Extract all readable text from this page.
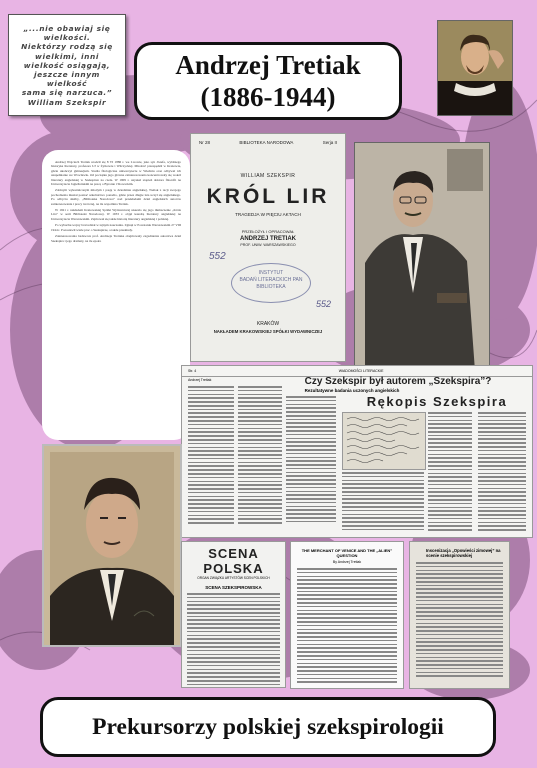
„...nie obawiaj się
wielkości.
Niektórzy rodzą się
wielkimi, inni
wielkość osiągają,
jeszcze innym
wielkość
sama się narzuca.”
William Szekspir
Andrzej Tretiak
(1886-1944)

Andrzej Wojciech Tretiak urodził się 8 VI 1886 r. we Lwowie, jako syn Józefa, wybitnego historyka literatury, profesora UJ w Żytkowie i Wilczyckiej. Młodość przespędził w Krakowie, gdzie ukończył gimnazjum. Studia filologiczne uniwersytecie w Wiedniu oraz odbywał ich uzupełnianie we Wrocławiu. Od początku jego główne zainteresowania koncentrowały się wokół literatury angielskiej w Szekspirze na czele. W 1909 r. uzyskał stopień doktora filozofii na Uniwersytecie Jagiellońskim na pracę o Byronie i Słowackim.

Zdolnym wykształconym młodym i pasją w dziedzinie angielskiej, Tretiak z racji swojego pochodzenia musiał poznać szkolnictwo ponadto, gdzie przez długie lata uczył się angielskiego. Po odbyciu służby, „Biblioteka Narodowa” nad przekładami dzieł angielskich autorów zainteresowanie i pracy twórczej, na ile wspomina Tretiak.

W 1921 r. nakładem Krakowskiej Spółki Wydawniczej ukazało się jego tłumaczenie „Króla Lira” w serii Biblioteki Narodowej. W 1933 r. objął katedrę literatury angielskiej na Uniwersytecie Warszawskim. Zajmował się także historią literatury angielskiej i polskiej.

Po wybuchu wojny brał udział w tajnym nauczaniu. Zginął w Powstaniu Warszawskim 27 VIII 1944 r. Pozostawił wiele prac o Szekspirze, a także przekłady.

Zainteresowania badawcze prof. Andrzeja Tretiaka obejmowały zagadnienia autorstwa dzieł Szekspira i jego dramaty, na tle epoki.

Nr 28	BIBLIOTEKA NARODOWA	Serja II
WILLIAM SZEKSPIR
KRÓL LIR
TRAGEDJA W PIĘCIU AKTACH
PRZEŁOŻYŁ I OPRACOWAŁ
ANDRZEJ TRETIAK
PROF. UNIW. WARSZAWSKIEGO
552
INSTYTUT
BADAŃ LITERACKICH PAN
BIBLIOTEKA
552
KRAKÓW
NAKŁADEM KRAKOWSKIEJ SPÓŁKI WYDAWNICZEJ
Str. 4	WIADOMOŚCI LITERACKIE
Andrzej Tretiak	Czy Szekspir był autorem „Szekspira”?
Rezultatywne badania uczonych angielskich
Rękopis Szekspira
SCENA POLSKA
ORGAN ZWIĄZKU ARTYSTÓW SCEN POLSKICH
SCENA SZEKSPIROWSKA
THE MERCHANT OF VENICE AND THE „ALIEN” QUESTION
By Andrzej Tretiak
Inscenizacja „Opowieści zimowej” na scenie szekspirowskiej
Prekursorzy polskiej szekspirologii
